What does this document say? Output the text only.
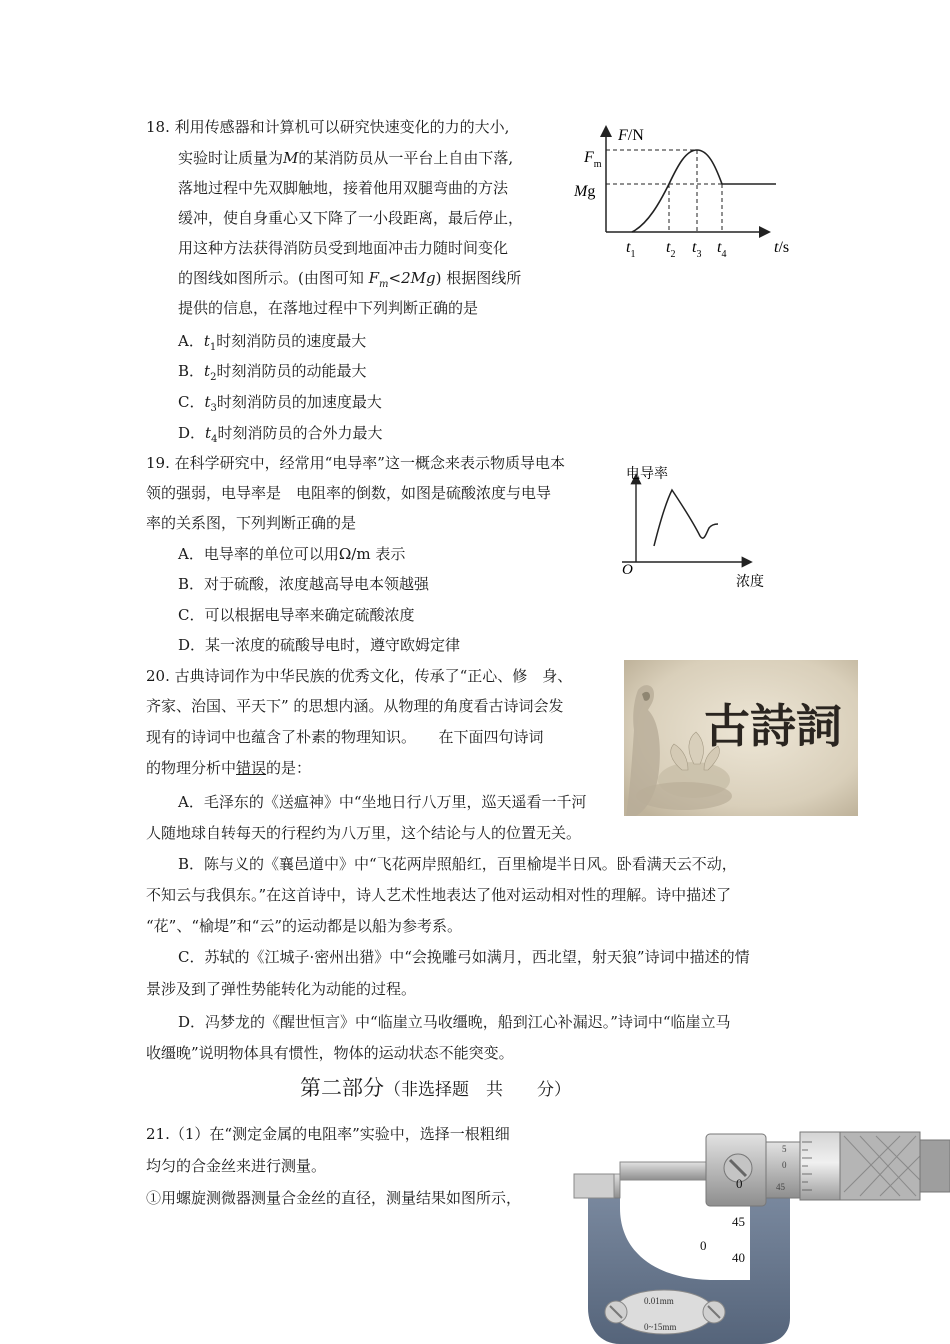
18. 利用传感器和计算机可以研究快速变化的力的大小,
实验时让质量为M的某消防员从一平台上自由下落,
落地过程中先双脚触地，接着他用双腿弯曲的方法
缓冲，使自身重心又下降了一小段距离，最后停止，
用这种方法获得消防员受到地面冲击力随时间变化
的图线如图所示。(由图可知 $F_m<2Mg$) 根据图线所
提供的信息，在落地过程中下列判断正确的是
A．$t_1$时刻消防员的速度最大
B．$t_2$时刻消防员的动能最大
C．$t_3$时刻消防员的加速度最大
D．$t_4$时刻消防员的合外力最大
F/N
$F_m$
Mg
$t_1$ $t_2$ $t_3$ $t_4$	t/s
19. 在科学研究中，经常用“电导率”这一概念来表示物质导电本
领的强弱，电导率是　电阻率的倒数，如图是硫酸浓度与电导
率的关系图，下列判断正确的是
A．电导率的单位可以用Ω/m 表示
B．对于硫酸，浓度越高导电本领越强
C．可以根据电导率来确定硫酸浓度
D．某一浓度的硫酸导电时，遵守欧姆定律
电导率
O
浓度
20. 古典诗词作为中华民族的优秀文化，传承了“正心、修　身、
齐家、治国、平天下” 的思想内涵。从物理的角度看古诗词会发
现有的诗词中也蕴含了朴素的物理知识。　　在下面四句诗词
的物理分析中错误的是：
古詩詞
A．毛泽东的《送瘟神》中“坐地日行八万里，巡天遥看一千河
人随地球自转每天的行程约为八万里，这个结论与人的位置无关。
B．陈与义的《襄邑道中》中“飞花两岸照船红，百里榆堤半日风。卧看满天云不动，
不知云与我俱东。”在这首诗中，诗人艺术性地表达了他对运动相对性的理解。诗中描述了
“花”、“榆堤”和“云”的运动都是以船为参考系。
C．苏轼的《江城子·密州出猎》中“会挽雕弓如满月，西北望，射天狼”诗词中描述的情
景涉及到了弹性势能转化为动能的过程。
D．冯梦龙的《醒世恒言》中“临崖立马收缰晚，船到江心补漏迟。”诗词中“临崖立马
收缰晚”说明物体具有惯性，物体的运动状态不能突变。
第二部分（非选择题　共　　分）
21.（1）在“测定金属的电阻率”实验中，选择一根粗细
均匀的合金丝来进行测量。
①用螺旋测微器测量合金丝的直径，测量结果如图所示，
45
0
5
0.01mm
0~15mm
0
45
0
40
